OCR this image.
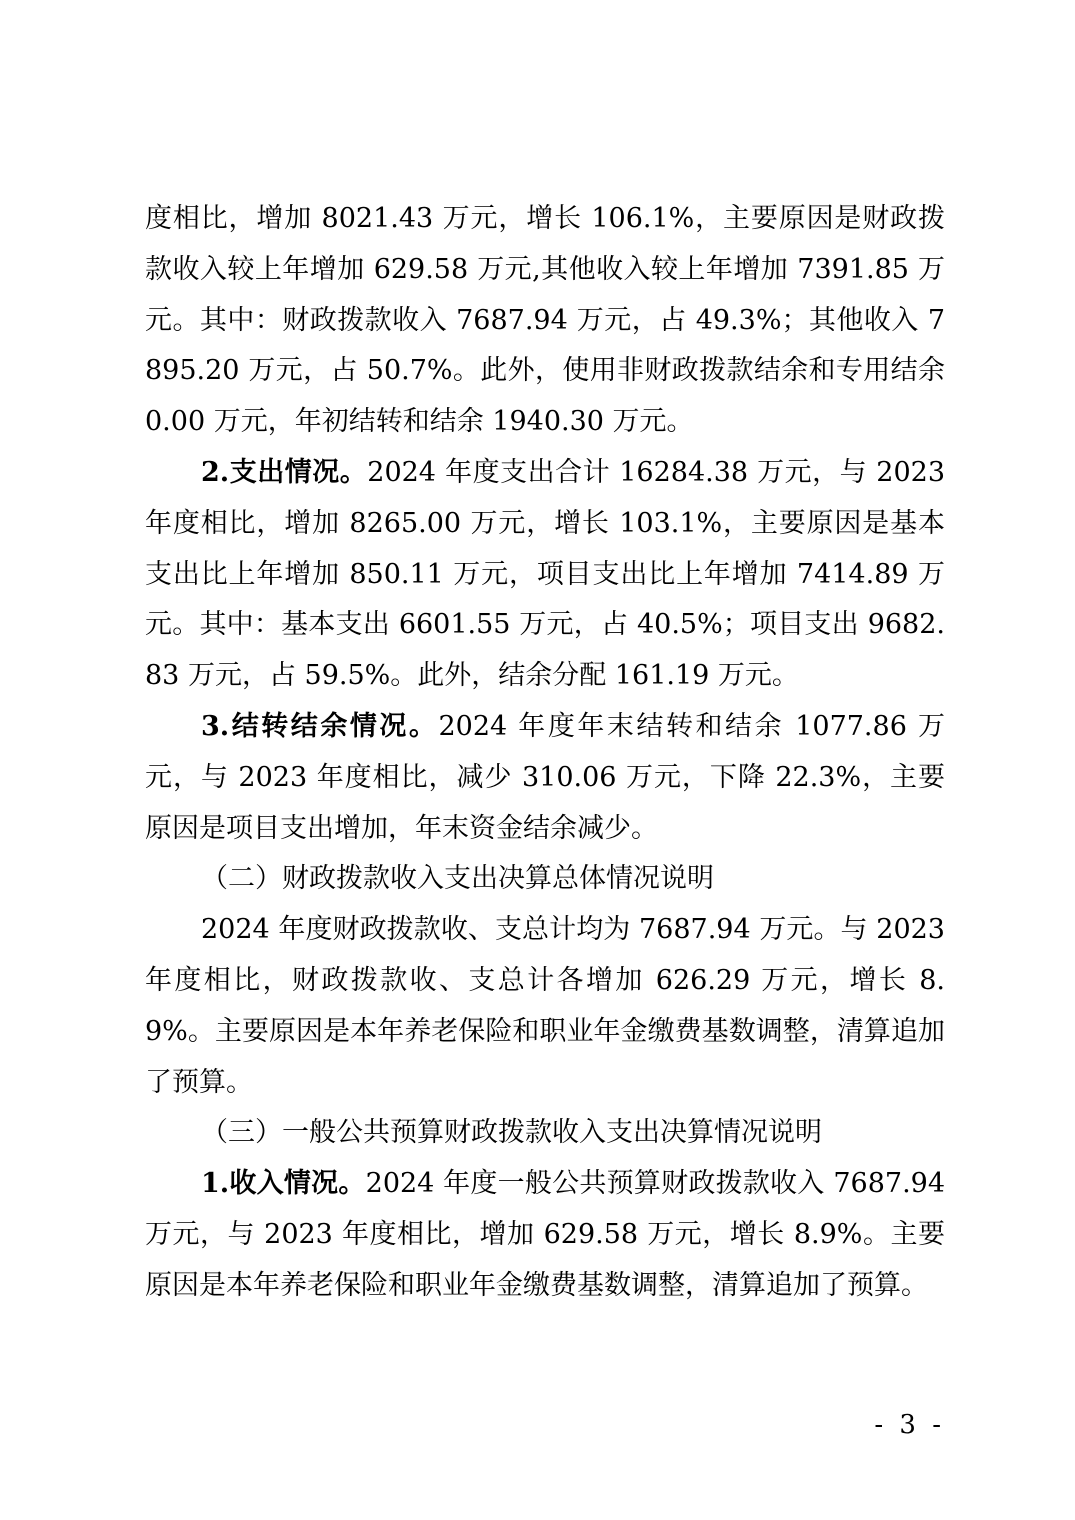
度相比，增加 8021.43 万元，增长 106.1%，主要原因是财政拨款收入较上年增加 629.58 万元,其他收入较上年增加 7391.85 万元。其中：财政拨款收入 7687.94 万元，占 49.3%；其他收入 7895.20 万元，占 50.7%。此外，使用非财政拨款结余和专用结余 0.00 万元，年初结转和结余 1940.30 万元。

2.支出情况。2024 年度支出合计 16284.38 万元，与 2023 年度相比，增加 8265.00 万元，增长 103.1%，主要原因是基本支出比上年增加 850.11 万元，项目支出比上年增加 7414.89 万元。其中：基本支出 6601.55 万元，占 40.5%；项目支出 9682.83 万元，占 59.5%。此外，结余分配 161.19 万元。

3.结转结余情况。2024 年度年末结转和结余 1077.86 万元，与 2023 年度相比，减少 310.06 万元，下降 22.3%，主要原因是项目支出增加，年末资金结余减少。

（二）财政拨款收入支出决算总体情况说明

2024 年度财政拨款收、支总计均为 7687.94 万元。与 2023 年度相比，财政拨款收、支总计各增加 626.29 万元，增长 8.9%。主要原因是本年养老保险和职业年金缴费基数调整，清算追加了预算。

（三）一般公共预算财政拨款收入支出决算情况说明

1.收入情况。2024 年度一般公共预算财政拨款收入 7687.94 万元，与 2023 年度相比，增加 629.58 万元，增长 8.9%。主要原因是本年养老保险和职业年金缴费基数调整，清算追加了预算。

- 3 -
